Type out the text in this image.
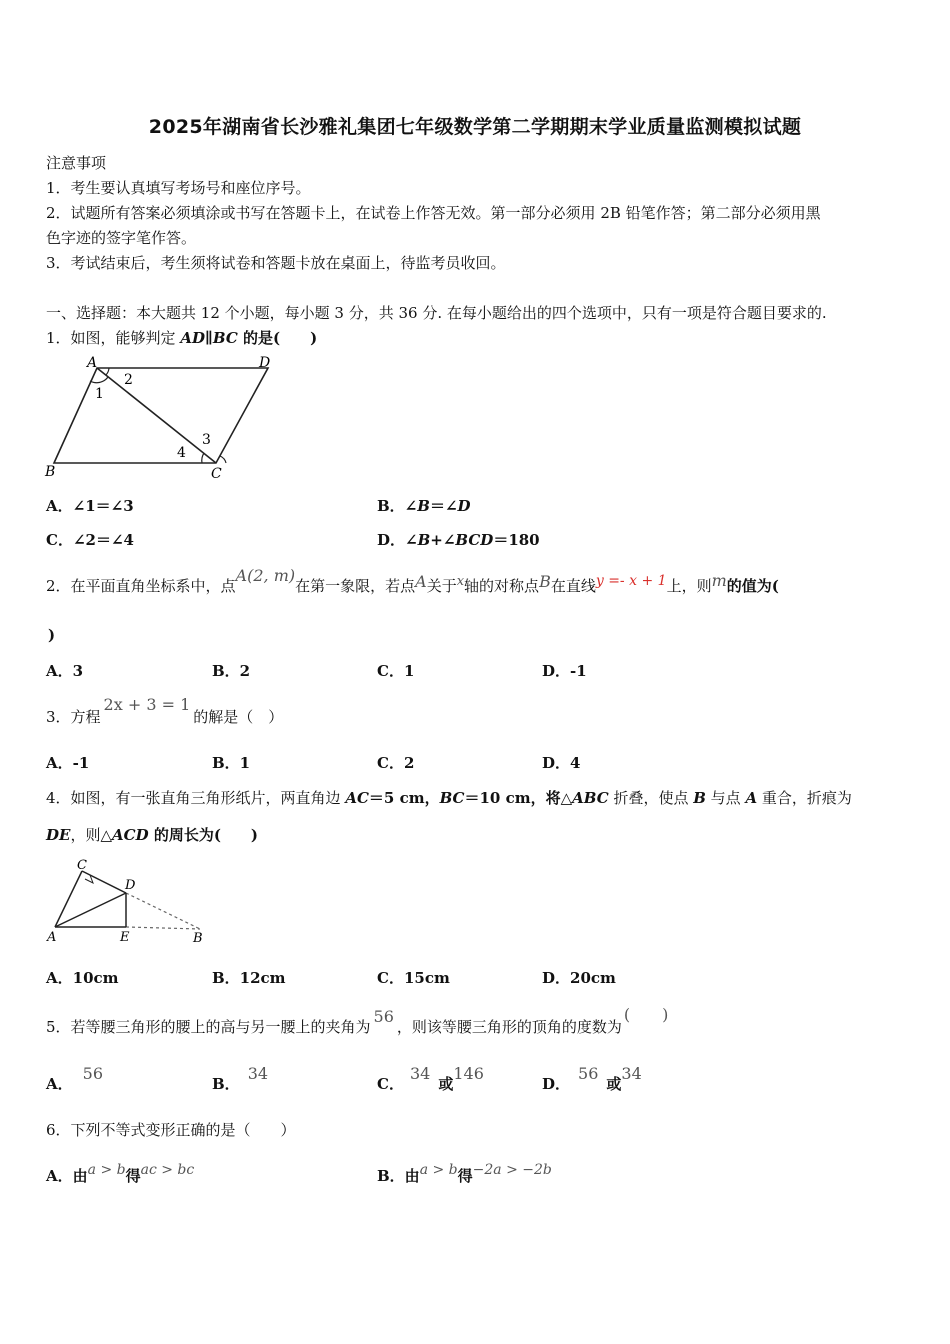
2025年湖南省长沙雅礼集团七年级数学第二学期期末学业质量监测模拟试题
注意事项
1．考生要认真填写考场号和座位序号。
2．试题所有答案必须填涂或书写在答题卡上，在试卷上作答无效。第一部分必须用 2B 铅笔作答；第二部分必须用黑
色字迹的签字笔作答。
3．考试结束后，考生须将试卷和答题卡放在桌面上，待监考员收回。
一、选择题：本大题共 12 个小题，每小题 3 分，共 36 分. 在每小题给出的四个选项中，只有一项是符合题目要求的.
1．如图，能够判定 AD∥BC 的是(　　)
A	D
B	C
1
2
3
4
A．∠1＝∠3	B．∠B＝∠D
C．∠2＝∠4	D．∠B+∠BCD＝180
2．在平面直角坐标系中，点A(2, m)在第一象限，若点A关于x轴的对称点B在直线y =- x + 1上，则m的值为(
)
A．3	B．2	C．1	D．-1
3．方程2x + 3 = 1的解是（　）
A．-1	B．1	C．2	D．4
4．如图，有一张直角三角形纸片，两直角边 AC＝5 cm，BC＝10 cm，将△ABC 折叠，使点 B 与点 A 重合，折痕为
DE，则△ACD 的周长为(　　)
C
D
A	E	B
A．10cm	B．12cm	C．15cm	D．20cm
5．若等腰三角形的腰上的高与另一腰上的夹角为56，则该等腰三角形的顶角的度数为(　　)
A．56
B．34
C．34或146
D．56或34
6．下列不等式变形正确的是（　　）
A．由a > b得ac > bc	B．由a > b得−2a > −2b
